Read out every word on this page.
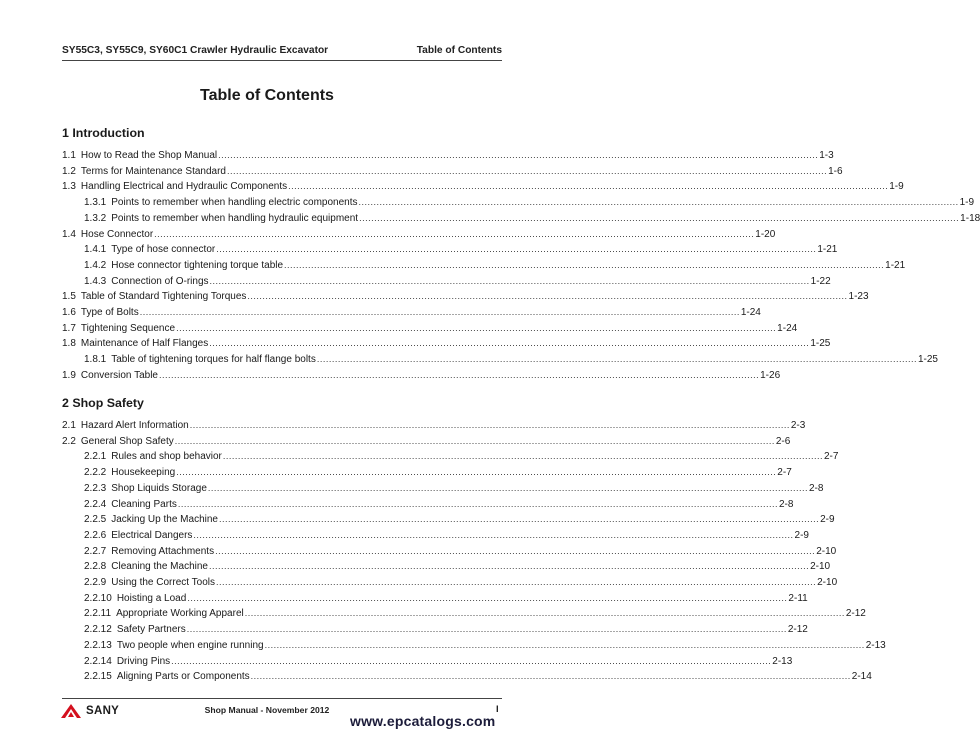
SY55C3, SY55C9, SY60C1 Crawler Hydraulic Excavator	Table of Contents
Table of Contents
1 Introduction
1.1 How to Read the Shop Manual ........................................................................................................................................................................................................ 1-3
1.2 Terms for Maintenance Standard ........................................................................................................................................................................................................ 1-6
1.3 Handling Electrical and Hydraulic Components ........................................................................................................................................................................................................ 1-9
1.3.1 Points to remember when handling electric components ........................................................................................................................................................................................................ 1-9
1.3.2 Points to remember when handling hydraulic equipment ........................................................................................................................................................................................................ 1-18
1.4 Hose Connector ........................................................................................................................................................................................................ 1-20
1.4.1 Type of hose connector ........................................................................................................................................................................................................ 1-21
1.4.2 Hose connector tightening torque table ........................................................................................................................................................................................................ 1-21
1.4.3 Connection of O-rings ........................................................................................................................................................................................................ 1-22
1.5 Table of Standard Tightening Torques ........................................................................................................................................................................................................ 1-23
1.6 Type of Bolts ........................................................................................................................................................................................................ 1-24
1.7 Tightening Sequence ........................................................................................................................................................................................................ 1-24
1.8 Maintenance of Half Flanges ........................................................................................................................................................................................................ 1-25
1.8.1 Table of tightening torques for half flange bolts ........................................................................................................................................................................................................ 1-25
1.9 Conversion Table ........................................................................................................................................................................................................ 1-26
2 Shop Safety
2.1 Hazard Alert Information ........................................................................................................................................................................................................ 2-3
2.2 General Shop Safety ........................................................................................................................................................................................................ 2-6
2.2.1 Rules and shop behavior ........................................................................................................................................................................................................ 2-7
2.2.2 Housekeeping ........................................................................................................................................................................................................ 2-7
2.2.3 Shop Liquids Storage ........................................................................................................................................................................................................ 2-8
2.2.4 Cleaning Parts ........................................................................................................................................................................................................ 2-8
2.2.5 Jacking Up the Machine ........................................................................................................................................................................................................ 2-9
2.2.6 Electrical Dangers ........................................................................................................................................................................................................ 2-9
2.2.7 Removing Attachments ........................................................................................................................................................................................................ 2-10
2.2.8 Cleaning the Machine ........................................................................................................................................................................................................ 2-10
2.2.9 Using the Correct Tools ........................................................................................................................................................................................................ 2-10
2.2.10 Hoisting a Load ........................................................................................................................................................................................................ 2-11
2.2.11 Appropriate Working Apparel ........................................................................................................................................................................................................ 2-12
2.2.12 Safety Partners ........................................................................................................................................................................................................ 2-12
2.2.13 Two people when engine running ........................................................................................................................................................................................................ 2-13
2.2.14 Driving Pins ........................................................................................................................................................................................................ 2-13
2.2.15 Aligning Parts or Components ........................................................................................................................................................................................................ 2-14
SANY	Shop Manual - November 2012	I
www.epcatalogs.com
